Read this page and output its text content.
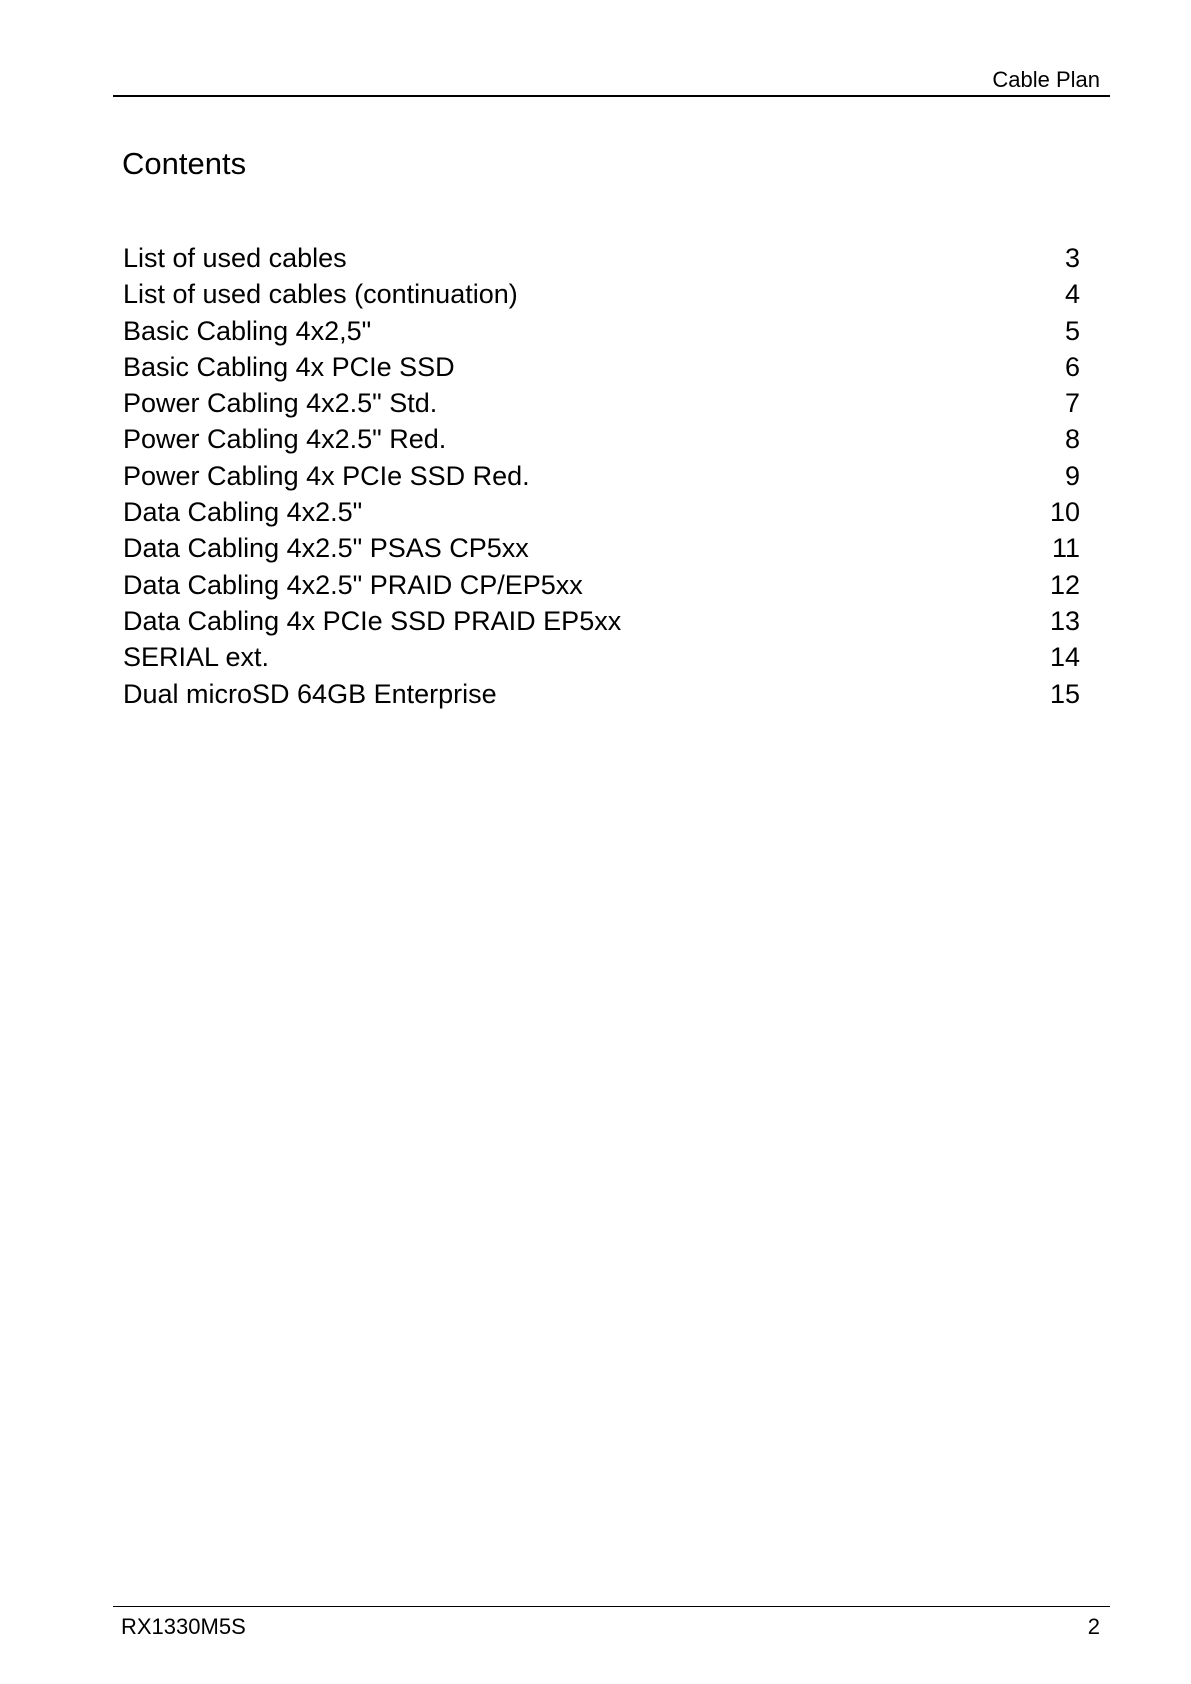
Cable Plan
Contents
List of used cables	3
List of used cables (continuation)	4
Basic Cabling 4x2,5"	5
Basic Cabling 4x PCIe SSD	6
Power Cabling 4x2.5" Std.	7
Power Cabling 4x2.5" Red.	8
Power Cabling 4x PCIe SSD Red.	9
Data Cabling 4x2.5"	10
Data Cabling 4x2.5" PSAS CP5xx	11
Data Cabling 4x2.5" PRAID CP/EP5xx	12
Data Cabling 4x PCIe SSD PRAID EP5xx	13
SERIAL ext.	14
Dual microSD 64GB Enterprise	15
RX1330M5S	2
